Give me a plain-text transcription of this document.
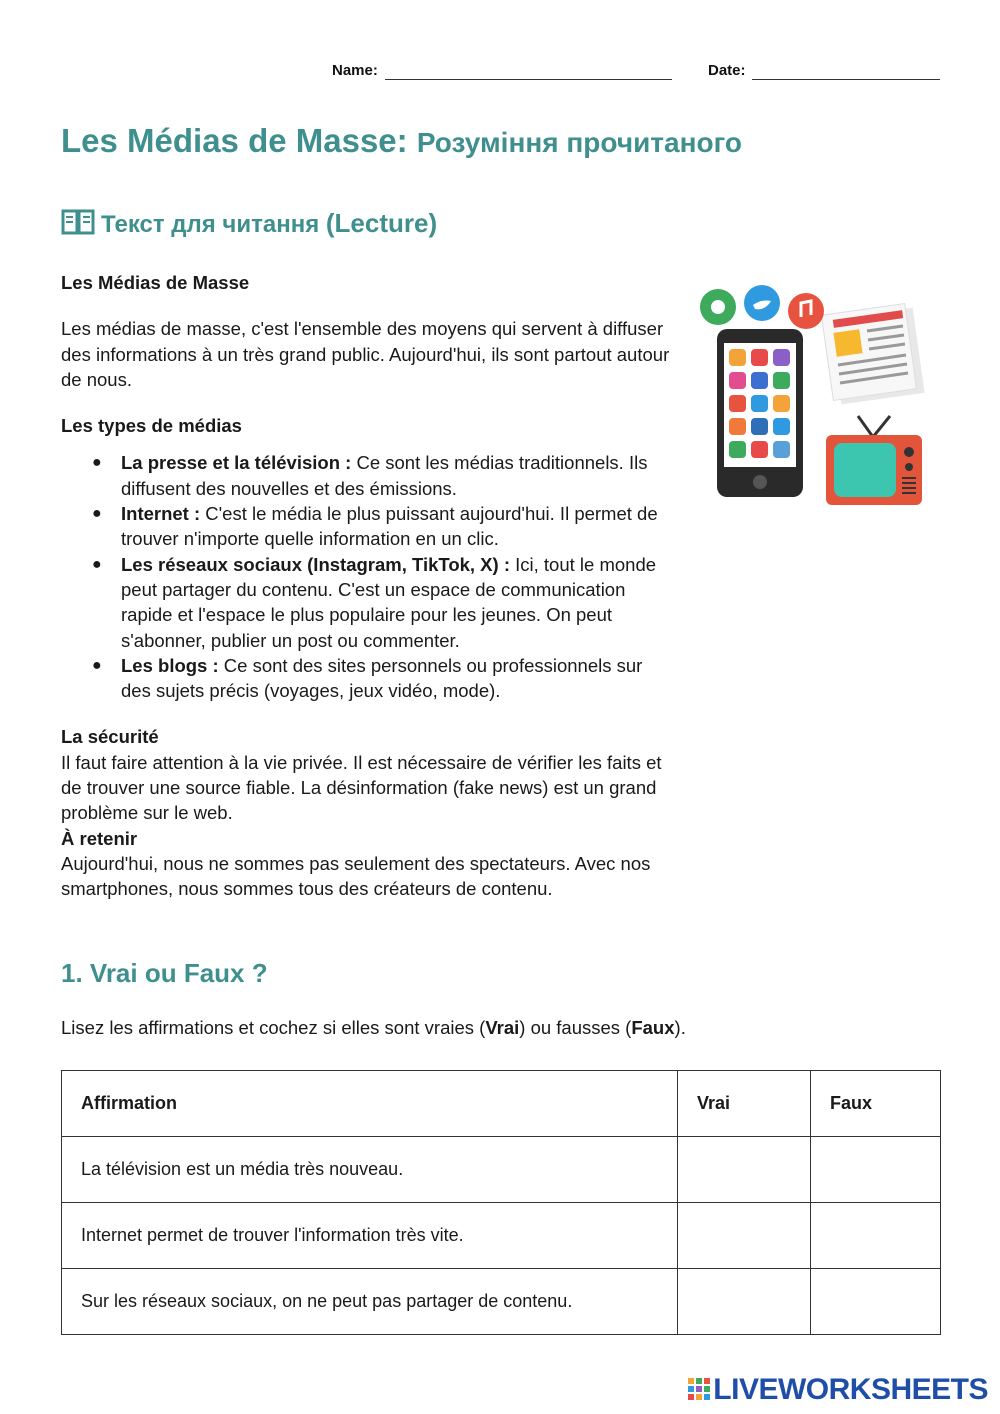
Name:	Date:
Les Médias de Masse: Розуміння прочитаного
Текст для читання (Lecture)

Les Médias de Masse

Les médias de masse, c'est l'ensemble des moyens qui servent à diffuser des informations à un très grand public. Aujourd'hui, ils sont partout autour de nous.

Les types de médias

● La presse et la télévision : Ce sont les médias traditionnels. Ils diffusent des nouvelles et des émissions.
● Internet : C'est le média le plus puissant aujourd'hui. Il permet de trouver n'importe quelle information en un clic.
● Les réseaux sociaux (Instagram, TikTok, X) : Ici, tout le monde peut partager du contenu. C'est un espace de communication rapide et l'espace le plus populaire pour les jeunes. On peut s'abonner, publier un post ou commenter.
● Les blogs : Ce sont des sites personnels ou professionnels sur des sujets précis (voyages, jeux vidéo, mode).

La sécurité

Il faut faire attention à la vie privée. Il est nécessaire de vérifier les faits et de trouver une source fiable. La désinformation (fake news) est un grand problème sur le web.

À retenir

Aujourd'hui, nous ne sommes pas seulement des spectateurs. Avec nos smartphones, nous sommes tous des créateurs de contenu.

1. Vrai ou Faux ?
Lisez les affirmations et cochez si elles sont vraies (Vrai) ou fausses (Faux).
Affirmation	Vrai	Faux
La télévision est un média très nouveau.		
Internet permet de trouver l'information très vite.		
Sur les réseaux sociaux, on ne peut pas partager de contenu.		
LIVEWORKSHEETS
